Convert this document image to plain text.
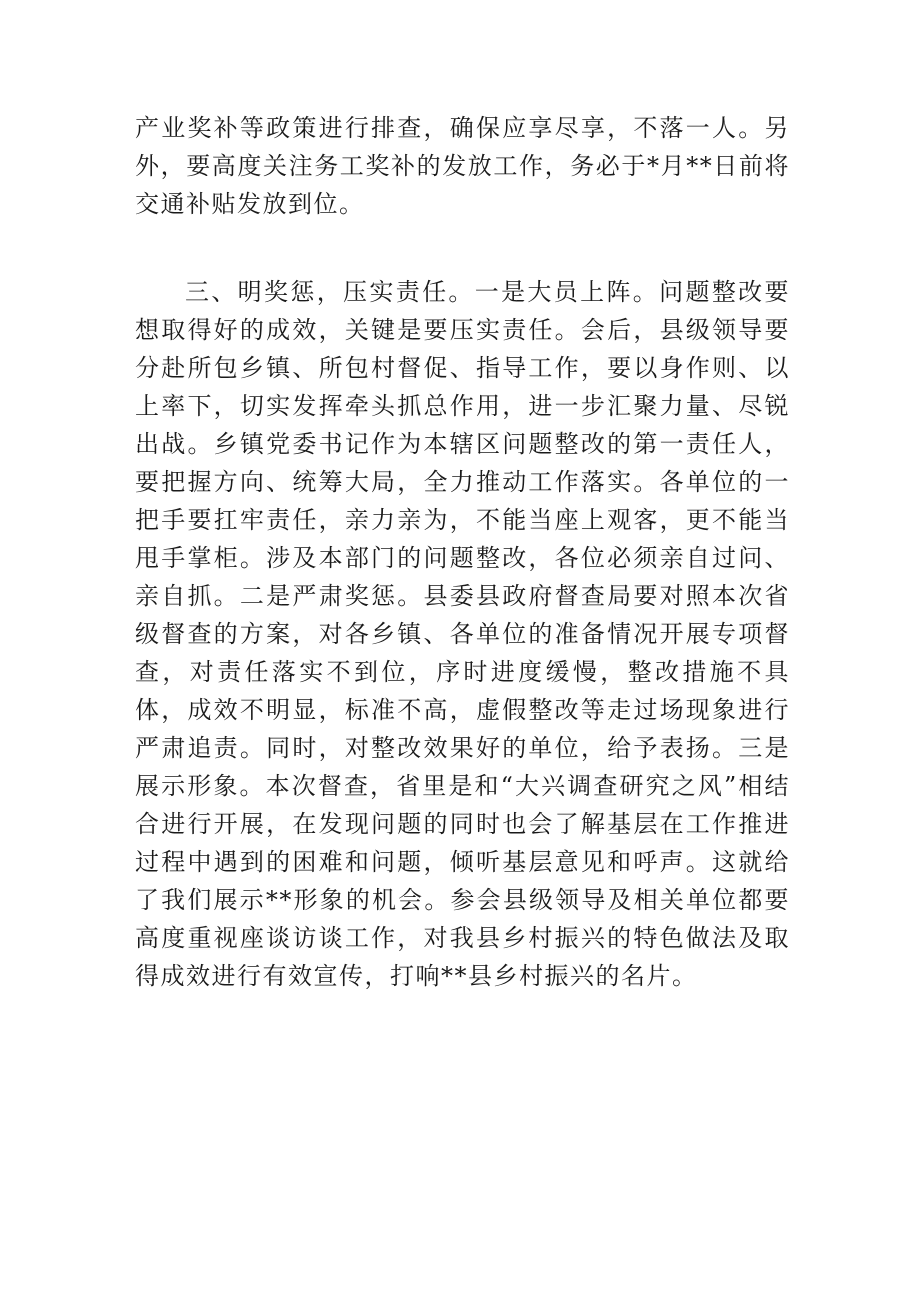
产业奖补等政策进行排查，确保应享尽享，不落一人。另外，要高度关注务工奖补的发放工作，务必于*月**日前将交通补贴发放到位。

三、明奖惩，压实责任。一是大员上阵。问题整改要想取得好的成效，关键是要压实责任。会后，县级领导要分赴所包乡镇、所包村督促、指导工作，要以身作则、以上率下，切实发挥牵头抓总作用，进一步汇聚力量、尽锐出战。乡镇党委书记作为本辖区问题整改的第一责任人，要把握方向、统筹大局，全力推动工作落实。各单位的一把手要扛牢责任，亲力亲为，不能当座上观客，更不能当甩手掌柜。涉及本部门的问题整改，各位必须亲自过问、亲自抓。二是严肃奖惩。县委县政府督查局要对照本次省级督查的方案，对各乡镇、各单位的准备情况开展专项督查，对责任落实不到位，序时进度缓慢，整改措施不具体，成效不明显，标准不高，虚假整改等走过场现象进行严肃追责。同时，对整改效果好的单位，给予表扬。三是展示形象。本次督查，省里是和“大兴调查研究之风”相结合进行开展，在发现问题的同时也会了解基层在工作推进过程中遇到的困难和问题，倾听基层意见和呼声。这就给了我们展示**形象的机会。参会县级领导及相关单位都要高度重视座谈访谈工作，对我县乡村振兴的特色做法及取得成效进行有效宣传，打响**县乡村振兴的名片。
